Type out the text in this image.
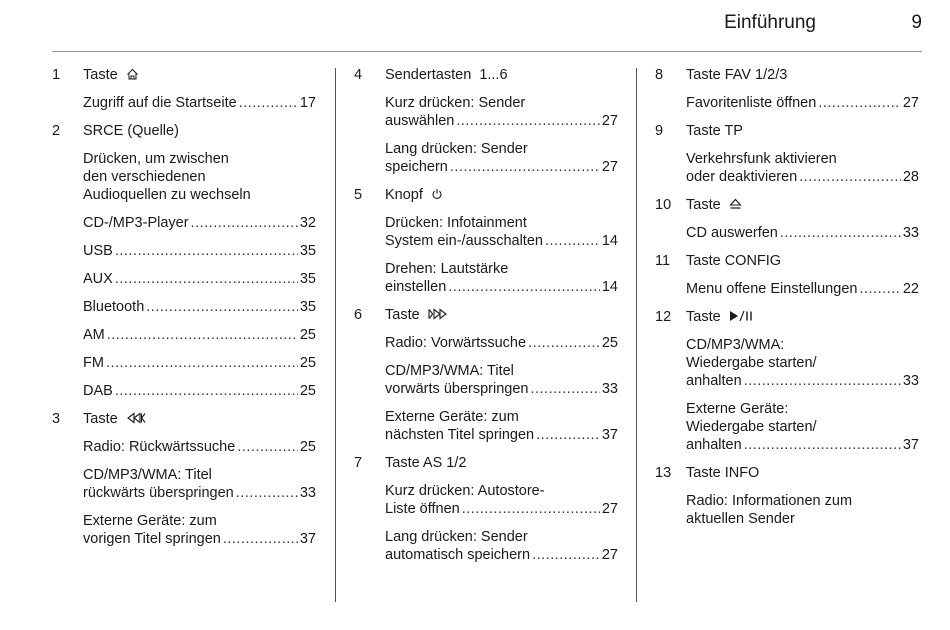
Einführung	9
1 Taste
Zugriff auf die Startseite .....	17
2 SRCE (Quelle)
Drücken, um zwischen
den verschiedenen
Audioquellen zu wechseln
CD-/MP3-Player .....	32
USB .....	35
AUX .....	35
Bluetooth .....	35
AM .....	25
FM .....	25
DAB .....	25
3 Taste
Radio: Rückwärtssuche .....	25
CD/MP3/WMA: Titel
rückwärts überspringen .....	33
Externe Geräte: zum
vorigen Titel springen .....	37
4 Sendertasten  1...6
Kurz drücken: Sender
auswählen .....	27
Lang drücken: Sender
speichern .....	27
5 Knopf
Drücken: Infotainment
System ein-/ausschalten .....	14
Drehen: Lautstärke
einstellen .....	14
6 Taste
Radio: Vorwärtssuche .....	25
CD/MP3/WMA: Titel
vorwärts überspringen .....	33
Externe Geräte: zum
nächsten Titel springen .....	37
7 Taste AS 1/2
Kurz drücken: Autostore-
Liste öffnen .....	27
Lang drücken: Sender
automatisch speichern .....	27
8 Taste FAV 1/2/3
Favoritenliste öffnen .....	27
9 Taste TP
Verkehrsfunk aktivieren
oder deaktivieren .....	28
10 Taste
CD auswerfen .....	33
11 Taste CONFIG
Menu offene Einstellungen .....	22
12 Taste
CD/MP3/WMA:
Wiedergabe starten/
anhalten .....	33
Externe Geräte:
Wiedergabe starten/
anhalten .....	37
13 Taste INFO
Radio: Informationen zum
aktuellen Sender
